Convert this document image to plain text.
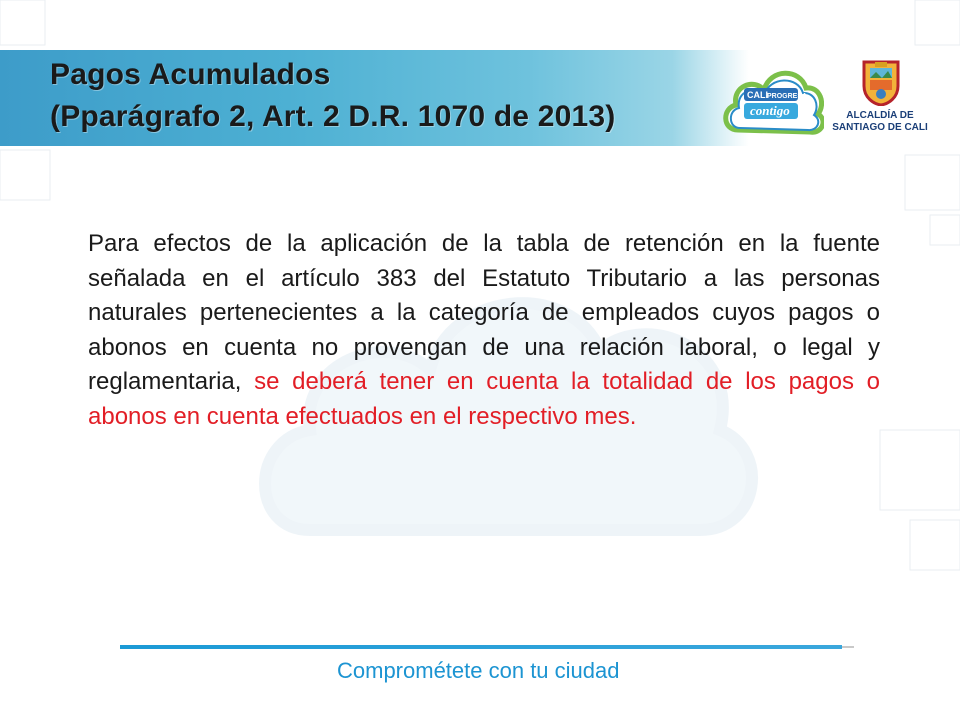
Pagos Acumulados
(Pparágrafo 2, Art. 2 D.R. 1070 de 2013)
CALI PROGRESA
contigo	ALCALDÍA DE
SANTIAGO DE CALI

Para efectos de la aplicación de la tabla de retención en la fuente señalada en el artículo 383 del Estatuto Tributario a las personas naturales pertenecientes a la categoría de empleados cuyos pagos o abonos en cuenta no provengan de una relación laboral, o legal y reglamentaria, se deberá tener en cuenta la totalidad de los pagos o abonos en cuenta efectuados en el respectivo mes.

Comprométete con tu ciudad
